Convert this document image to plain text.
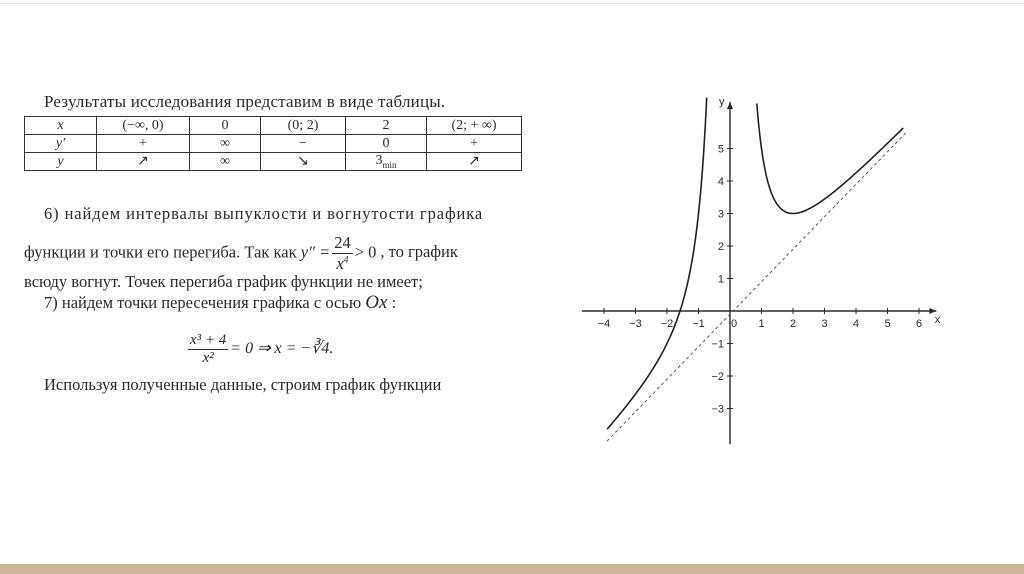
Результаты исследования представим в виде таблицы.
x	(−∞, 0)	0	(0; 2)	2	(2; + ∞)
y′	+	∞	−	0	+
y	↗	∞	↘	$3_{min}$	↗
6) найдем интервалы выпуклости и вогнутости графика
функции и точки его перегиба. Так как $y'' = \frac{24}{x^4} > 0$ , то график
всюду вогнут. Точек перегиба график функции не имеет;
7) найдем точки пересечения графика с осью Ox :
$\frac{\text{x³ + 4}}{\text{x²}} = 0$ ⇒ x = −∛4.
Используя полученные данные, строим график функции
x
y
−4 −3 −2 −1 0 1 2 3 4 5 6
5
4
3
2
1
−1
−2
−3
